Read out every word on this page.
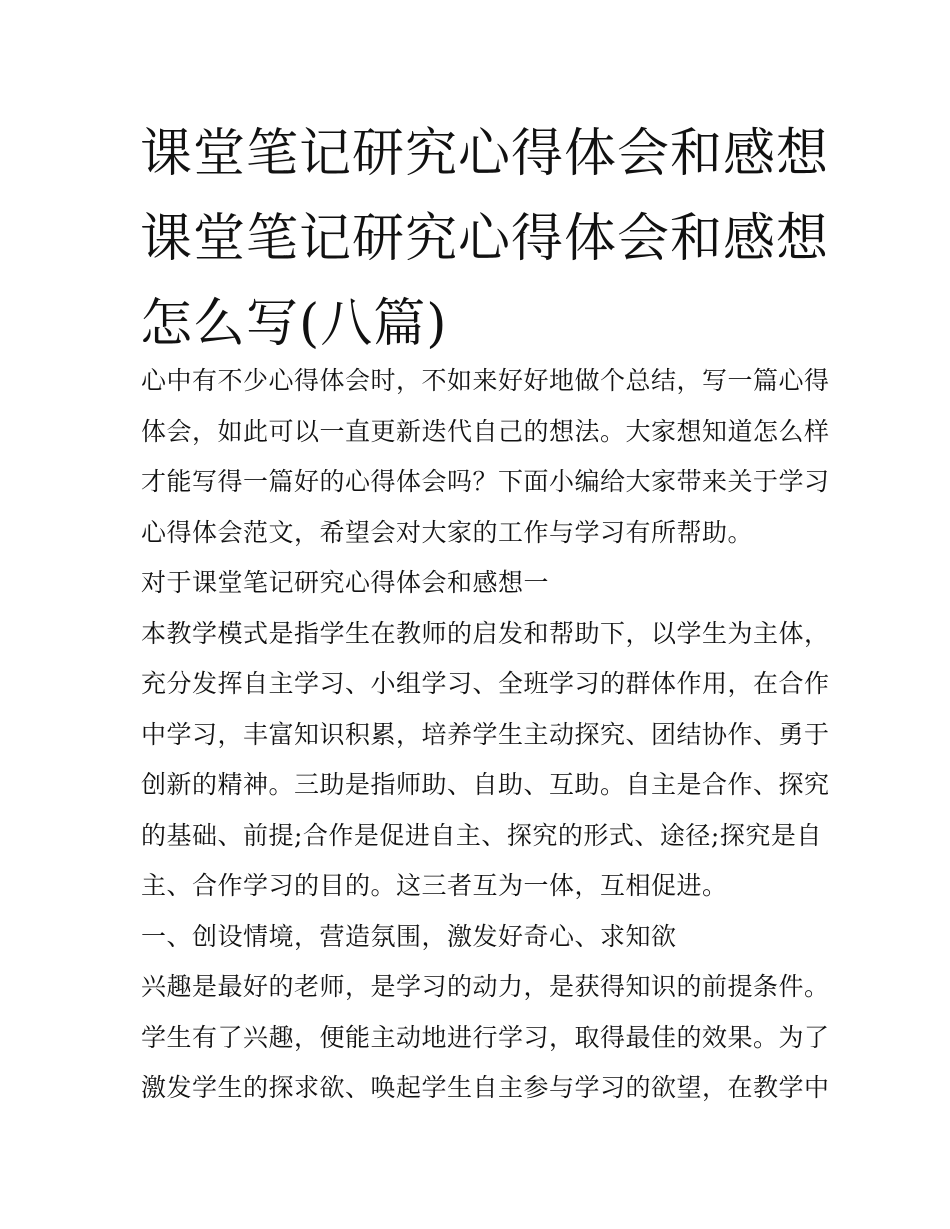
课堂笔记研究心得体会和感想
课堂笔记研究心得体会和感想
怎么写(八篇)
心中有不少心得体会时，不如来好好地做个总结，写一篇心得
体会，如此可以一直更新迭代自己的想法。大家想知道怎么样
才能写得一篇好的心得体会吗？下面小编给大家带来关于学习
心得体会范文，希望会对大家的工作与学习有所帮助。
对于课堂笔记研究心得体会和感想一
本教学模式是指学生在教师的启发和帮助下，以学生为主体，
充分发挥自主学习、小组学习、全班学习的群体作用，在合作
中学习，丰富知识积累，培养学生主动探究、团结协作、勇于
创新的精神。三助是指师助、自助、互助。自主是合作、探究
的基础、前提;合作是促进自主、探究的形式、途径;探究是自
主、合作学习的目的。这三者互为一体，互相促进。
一、创设情境，营造氛围，激发好奇心、求知欲
兴趣是最好的老师，是学习的动力，是获得知识的前提条件。
学生有了兴趣，便能主动地进行学习，取得最佳的效果。为了
激发学生的探求欲、唤起学生自主参与学习的欲望，在教学中
